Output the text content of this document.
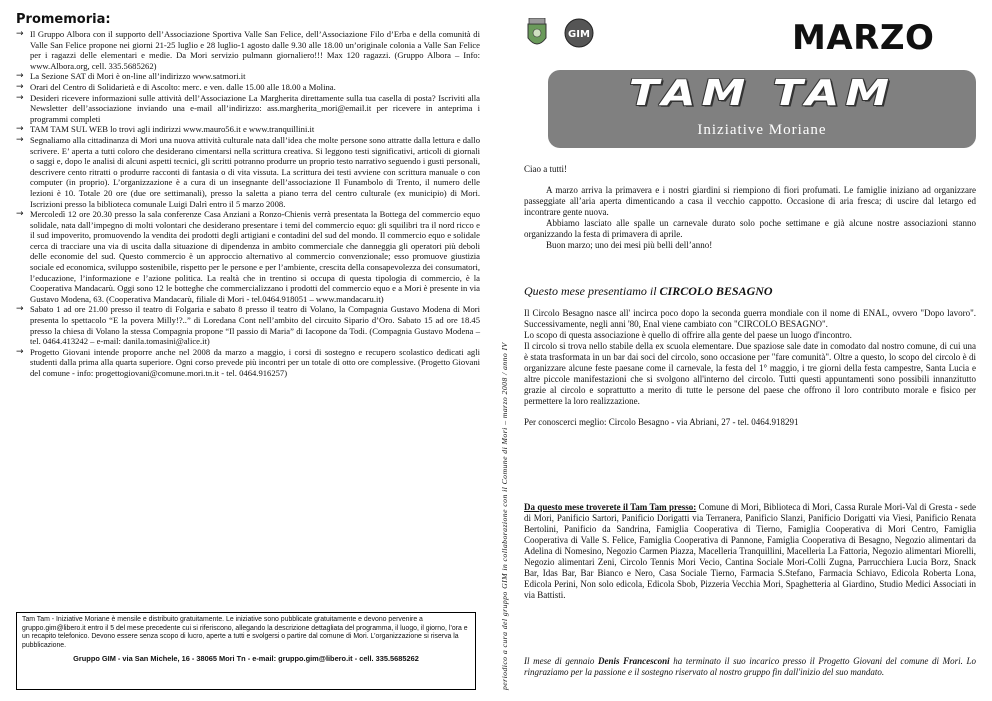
Promemoria:
→ Il Gruppo Albora con il supporto dell’Associazione Sportiva Valle San Felice, dell’Associazione Filo d’Erba e della comunità di Valle San Felice propone nei giorni 21-25 luglio e 28 luglio-1 agosto dalle 9.30 alle 18.00 un’originale colonia a Valle San Felice per i ragazzi delle elementari e medie. Da Mori servizio pulmann giornaliero!!! Max 120 ragazzi. (Gruppo Albora – Info: www.Albora.org, cell. 335.5685262)
→ La Sezione SAT di Mori è on-line all’indirizzo www.satmori.it
→ Orari del Centro di Solidarietà e di Ascolto: merc. e ven. dalle 15.00 alle 18.00 a Molina.
→ Desideri ricevere informazioni sulle attività dell’Associazione La Margherita direttamente sulla tua casella di posta? Iscriviti alla Newsletter dell’associazione inviando una e-mail all’indirizzo: ass.margherita_mori@email.it per ricevere in anteprima i programmi completi
→ TAM TAM SUL WEB lo trovi agli indirizzi www.mauro56.it e www.tranquillini.it
→ Segnaliamo alla cittadinanza di Mori una nuova attività culturale nata dall’idea che molte persone sono attratte dalla lettura e dallo scrivere. E’ aperta a tutti coloro che desiderano cimentarsi nella scrittura creativa. Si leggono testi significativi, articoli di giornali o saggi e, dopo le analisi di alcuni aspetti tecnici, gli scritti potranno produrre un proprio testo narrativo seguendo i gusti personali, descrivere cento ritratti o produrre racconti di fantasia o di vita vissuta. La scrittura dei testi avviene con scrittura manuale o con computer (in proprio). L’organizzazione è a cura di un insegnante dell’associazione Il Funambolo di Trento, il numero delle lezioni è 10. Totale 20 ore (due ore settimanali), presso la saletta a piano terra del centro culturale (ex municipio) di Mori. Iscrizioni presso la biblioteca comunale Luigi Dalrì entro il 5 marzo 2008.
→ Mercoledì 12 ore 20.30 presso la sala conferenze Casa Anziani a Ronzo-Chienis verrà presentata la Bottega del commercio equo solidale, nata dall’impegno di molti volontari che desiderano presentare i temi del commercio equo: gli squilibri tra il nord ricco e il sud impoverito, promuovendo la vendita dei prodotti degli artigiani e contadini del sud del mondo. Il commercio equo e solidale cerca di tracciare una via di uscita dalla situazione di dipendenza in ambito commerciale che danneggia gli operatori più deboli delle economie del sud. Questo commercio è un approccio alternativo al commercio convenzionale; esso promuove giustizia sociale ed economica, sviluppo sostenibile, rispetto per le persone e per l’ambiente, crescita della consapevolezza dei consumatori, l’educazione, l’informazione e l’azione politica. La realtà che in trentino si occupa di questa tipologia di commercio, è la Cooperativa Mandacarù. Oggi sono 12 le botteghe che commercializzano i prodotti del commercio equo e a Mori è presente in via Gustavo Modena, 63. (Cooperativa Mandacarù, filiale di Mori - tel.0464.918051 – www.mandacaru.it)
→ Sabato 1 ad ore 21.00 presso il teatro di Folgaria e sabato 8 presso il teatro di Volano, la Compagnia Gustavo Modena di Mori presenta lo spettacolo “E la povera Milly!?..” di Loredana Cont nell’ambito del circuito Sipario d’Oro. Sabato 15 ad ore 18.45 presso la chiesa di Volano la stessa Compagnia propone “Il passio di Maria” di Iacopone da Todi. (Compagnia Gustavo Modena – tel. 0464.413242 – e-mail: danila.tomasini@alice.it)
→ Progetto Giovani intende proporre anche nel 2008 da marzo a maggio, i corsi di sostegno e recupero scolastico dedicati agli studenti dalla prima alla quarta superiore. Ogni corso prevede più incontri per un totale di otto ore complessive. (Progetto Giovani del comune - info: progettogiovani@comune.mori.tn.it - tel. 0464.916257)
Tam Tam - Iniziative Moriane è mensile e distribuito gratuitamente. Le iniziative sono pubblicate gratuitamente e devono pervenire a gruppo.gim@libero.it entro il 5 del mese precedente cui si riferiscono, allegando la descrizione dettagliata del programma, il luogo, il giorno, l’ora e un recapito telefonico. Devono essere senza scopo di lucro, aperte a tutti e svolgersi o partire dal comune di Mori. L’organizzazione si riserva la pubblicazione.
Gruppo GIM - via San Michele, 16 - 38065 Mori Tn - e-mail: gruppo.gim@libero.it - cell. 335.5685262	periodico a cura del gruppo GIM in collaborazione con il Comune di Mori – marzo 2008 / anno IV
GIM	MARZO
TAM TAM
Iniziative Moriane

Ciao a tutti!

A marzo arriva la primavera e i nostri giardini si riempiono di fiori profumati. Le famiglie iniziano ad organizzare passeggiate all’aria aperta dimenticando a casa il vecchio cappotto. Occasione di aria fresca; di uscire dal letargo ed incontrare gente nuova.

Abbiamo lasciato alle spalle un carnevale durato solo poche settimane e già alcune nostre associazioni stanno organizzando la festa di primavera di aprile.

Buon marzo; uno dei mesi più belli dell’anno!

Questo mese presentiamo il CIRCOLO BESAGNO

Il Circolo Besagno nasce all' incirca poco dopo la seconda guerra mondiale con il nome di ENAL, ovvero "Dopo lavoro". Successivamente, negli anni '80, Enal viene cambiato con "CIRCOLO BESAGNO".

Lo scopo di questa associazione è quello di offrire alla gente del paese un luogo d'incontro.

Il circolo si trova nello stabile della ex scuola elementare. Due spaziose sale date in comodato dal nostro comune, di cui una è stata trasformata in un bar dai soci del circolo, sono occasione per "fare comunità". Oltre a questo, lo scopo del circolo è di organizzare alcune feste paesane come il carnevale, la festa del 1° maggio, i tre giorni della festa campestre, Santa Lucia e altre piccole manifestazioni che si svolgono all'interno del circolo. Tutti questi appuntamenti sono possibili innanzitutto grazie al circolo e soprattutto a merito di tutte le persone del paese che offrono il loro contributo morale e fisico per permettere la loro realizzazione.

Per conoscerci meglio: Circolo Besagno - via Abriani, 27 - tel. 0464.918291

Da questo mese troverete il Tam Tam presso: Comune di Mori, Biblioteca di Mori, Cassa Rurale Mori-Val di Gresta - sede di Mori, Panificio Sartori, Panificio Dorigatti via Terranera, Panificio Slanzi, Panificio Dorigatti via Viesi, Panificio Renata Bertolini, Panificio da Sandrina, Famiglia Cooperativa di Tierno, Famiglia Cooperativa di Mori Centro, Famiglia Cooperativa di Valle S. Felice, Famiglia Cooperativa di Pannone, Famiglia Cooperativa di Besagno, Negozio alimentari da Adelina di Nomesino, Negozio Carmen Piazza, Macelleria Tranquillini, Macelleria La Fattoria, Negozio alimentari Miorelli, Negozio alimentari Zeni, Circolo Tennis Mori Vecio, Cantina Sociale Mori-Colli Zugna, Parrucchiera Lucia Borz, Snack Bar, Idas Bar, Bar Bianco e Nero, Casa Sociale Tierno, Farmacia S.Stefano, Farmacia Schiavo, Edicola Roberta Lona, Edicola Perini, Non solo edicola, Edicola Sbob, Pizzeria Vecchia Mori, Spaghetteria al Giardino, Studio Medici Associati in via Battisti.

Il mese di gennaio Denis Francesconi ha terminato il suo incarico presso il Progetto Giovani del comune di Mori. Lo ringraziamo per la passione e il sostegno riservato al nostro gruppo fin dall'inizio del suo mandato.
